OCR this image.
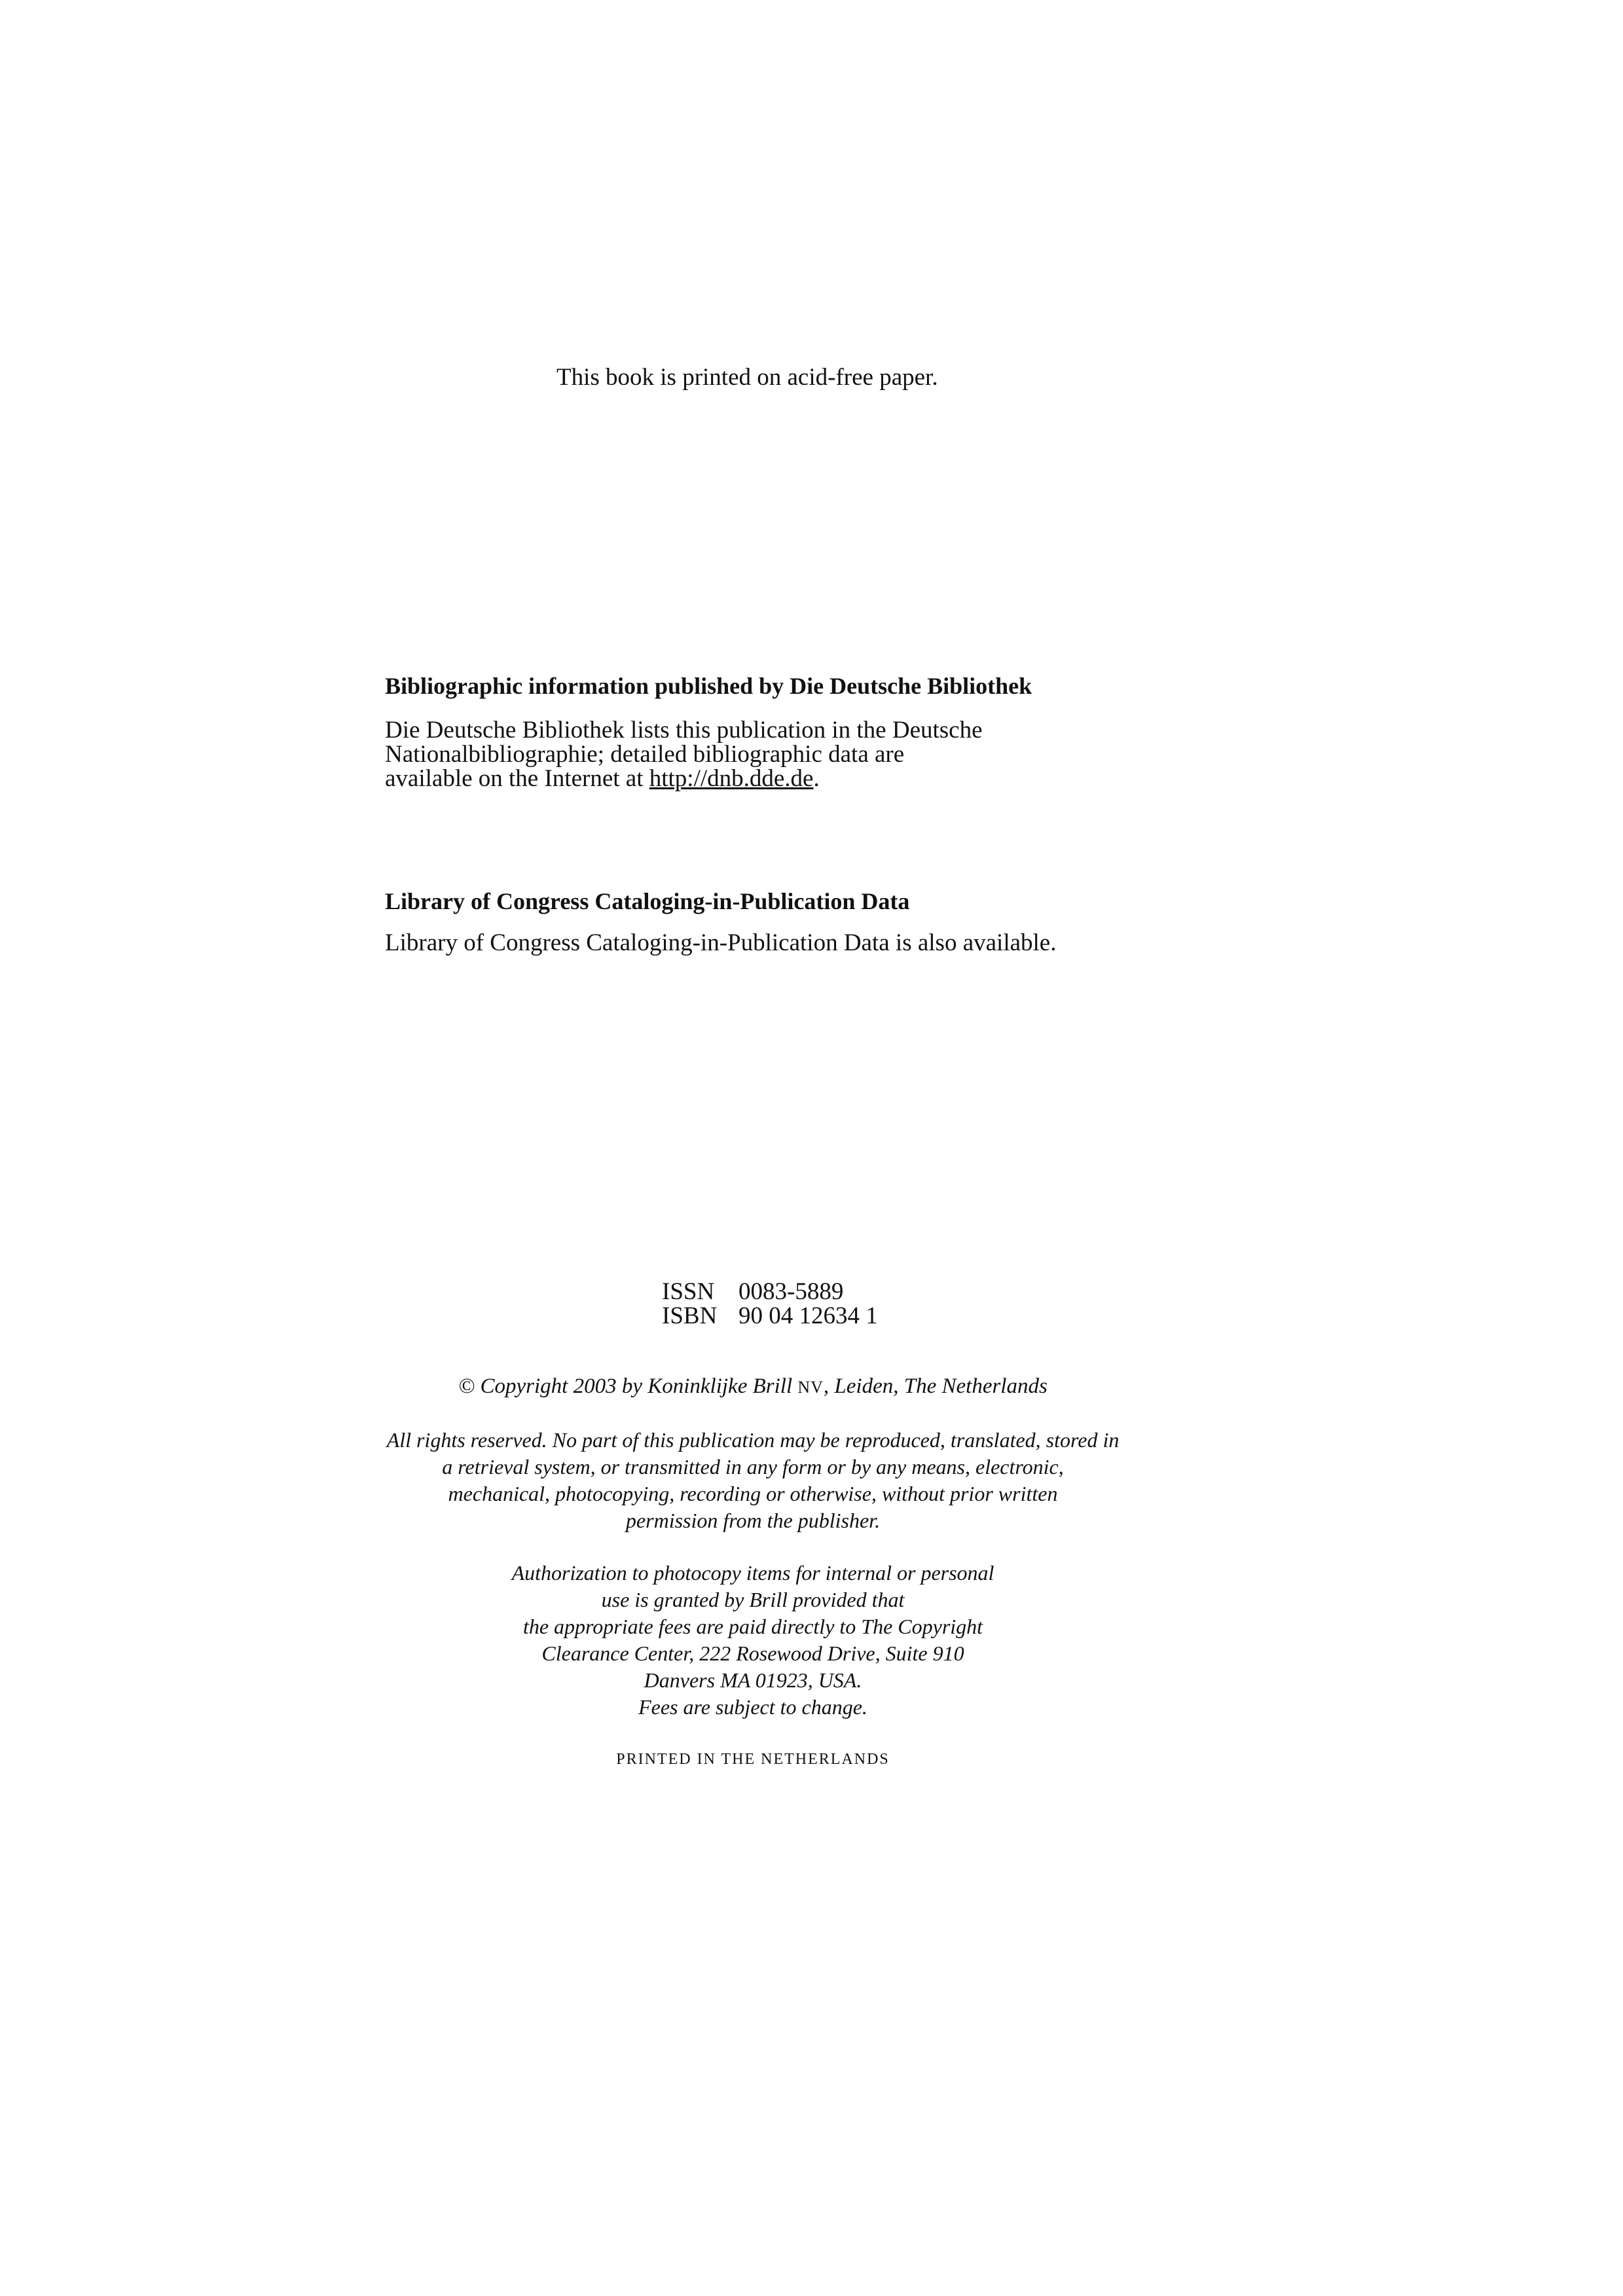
This book is printed on acid-free paper.
Bibliographic information published by Die Deutsche Bibliothek
Die Deutsche Bibliothek lists this publication in the Deutsche
Nationalbibliographie; detailed bibliographic data are
available on the Internet at http://dnb.dde.de.
Library of Congress Cataloging-in-Publication Data
Library of Congress Cataloging-in-Publication Data is also available.
ISSN 0083-5889
ISBN 90 04 12634 1
© Copyright 2003 by Koninklijke Brill NV, Leiden, The Netherlands
All rights reserved. No part of this publication may be reproduced, translated, stored in
a retrieval system, or transmitted in any form or by any means, electronic,
mechanical, photocopying, recording or otherwise, without prior written
permission from the publisher.
Authorization to photocopy items for internal or personal
use is granted by Brill provided that
the appropriate fees are paid directly to The Copyright
Clearance Center, 222 Rosewood Drive, Suite 910
Danvers MA 01923, USA.
Fees are subject to change.
PRINTED IN THE NETHERLANDS
